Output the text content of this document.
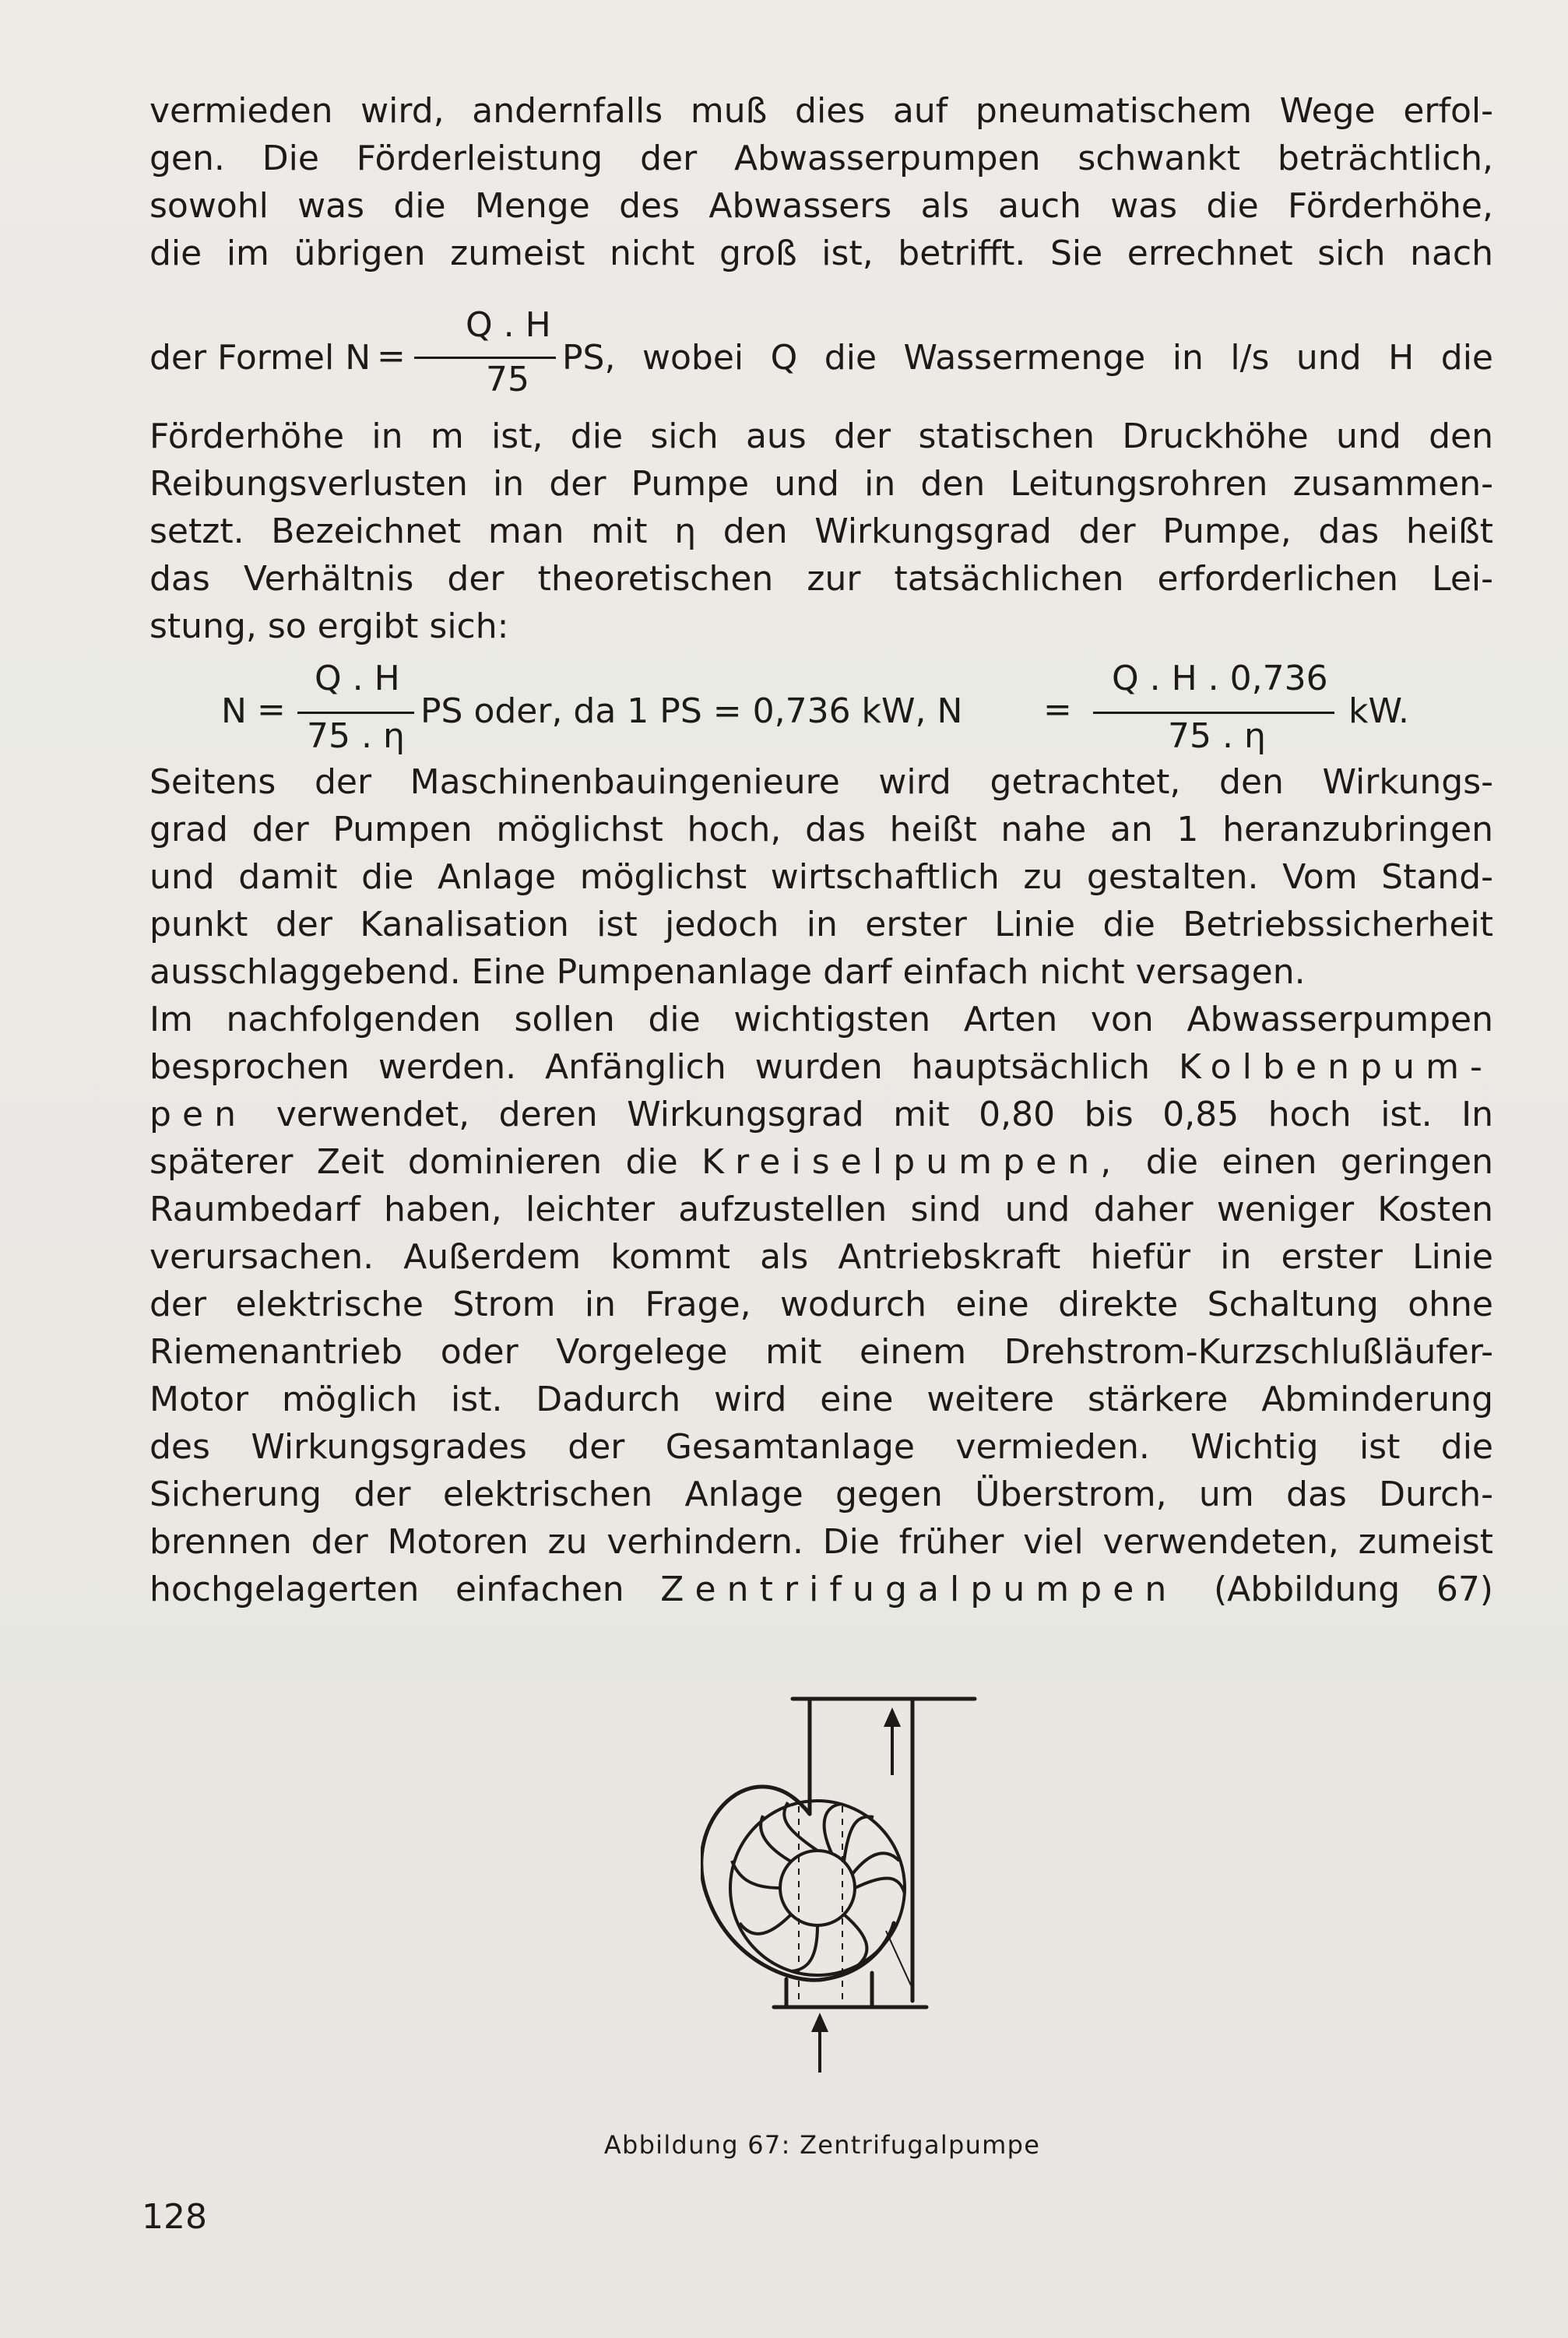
vermieden wird, andernfalls muß dies auf pneumatischem Wege erfol-
gen. Die Förderleistung der Abwasserpumpen schwankt beträchtlich,
sowohl was die Menge des Abwassers als auch was die Förderhöhe,
die im übrigen zumeist nicht groß ist, betrifft. Sie errechnet sich nach
der Formel N =
Q . H
75
PS, wobei Q die Wassermenge in l/s und H die
Förderhöhe in m ist, die sich aus der statischen Druckhöhe und den
Reibungsverlusten in der Pumpe und in den Leitungsrohren zusammen-
setzt. Bezeichnet man mit η den Wirkungsgrad der Pumpe, das heißt
das Verhältnis der theoretischen zur tatsächlichen erforderlichen Lei-
stung, so ergibt sich:
N =
Q . H
75 . η
PS oder, da 1 PS = 0,736 kW, N =
Q . H . 0,736
75 . η
kW.
Seitens der Maschinenbauingenieure wird getrachtet, den Wirkungs-
grad der Pumpen möglichst hoch, das heißt nahe an 1 heranzubringen
und damit die Anlage möglichst wirtschaftlich zu gestalten. Vom Stand-
punkt der Kanalisation ist jedoch in erster Linie die Betriebssicherheit
ausschlaggebend. Eine Pumpenanlage darf einfach nicht versagen.
Im nachfolgenden sollen die wichtigsten Arten von Abwasserpumpen
besprochen werden. Anfänglich wurden hauptsächlich Kolbenpum-
pen verwendet, deren Wirkungsgrad mit 0,80 bis 0,85 hoch ist. In
späterer Zeit dominieren die Kreiselpumpen, die einen geringen
Raumbedarf haben, leichter aufzustellen sind und daher weniger Kosten
verursachen. Außerdem kommt als Antriebskraft hiefür in erster Linie
der elektrische Strom in Frage, wodurch eine direkte Schaltung ohne
Riemenantrieb oder Vorgelege mit einem Drehstrom-Kurzschlußläufer-
Motor möglich ist. Dadurch wird eine weitere stärkere Abminderung
des Wirkungsgrades der Gesamtanlage vermieden. Wichtig ist die
Sicherung der elektrischen Anlage gegen Überstrom, um das Durch-
brennen der Motoren zu verhindern. Die früher viel verwendeten, zumeist
hochgelagerten einfachen Zentrifugalpumpen (Abbildung 67)
Abbildung 67: Zentrifugalpumpe
128
